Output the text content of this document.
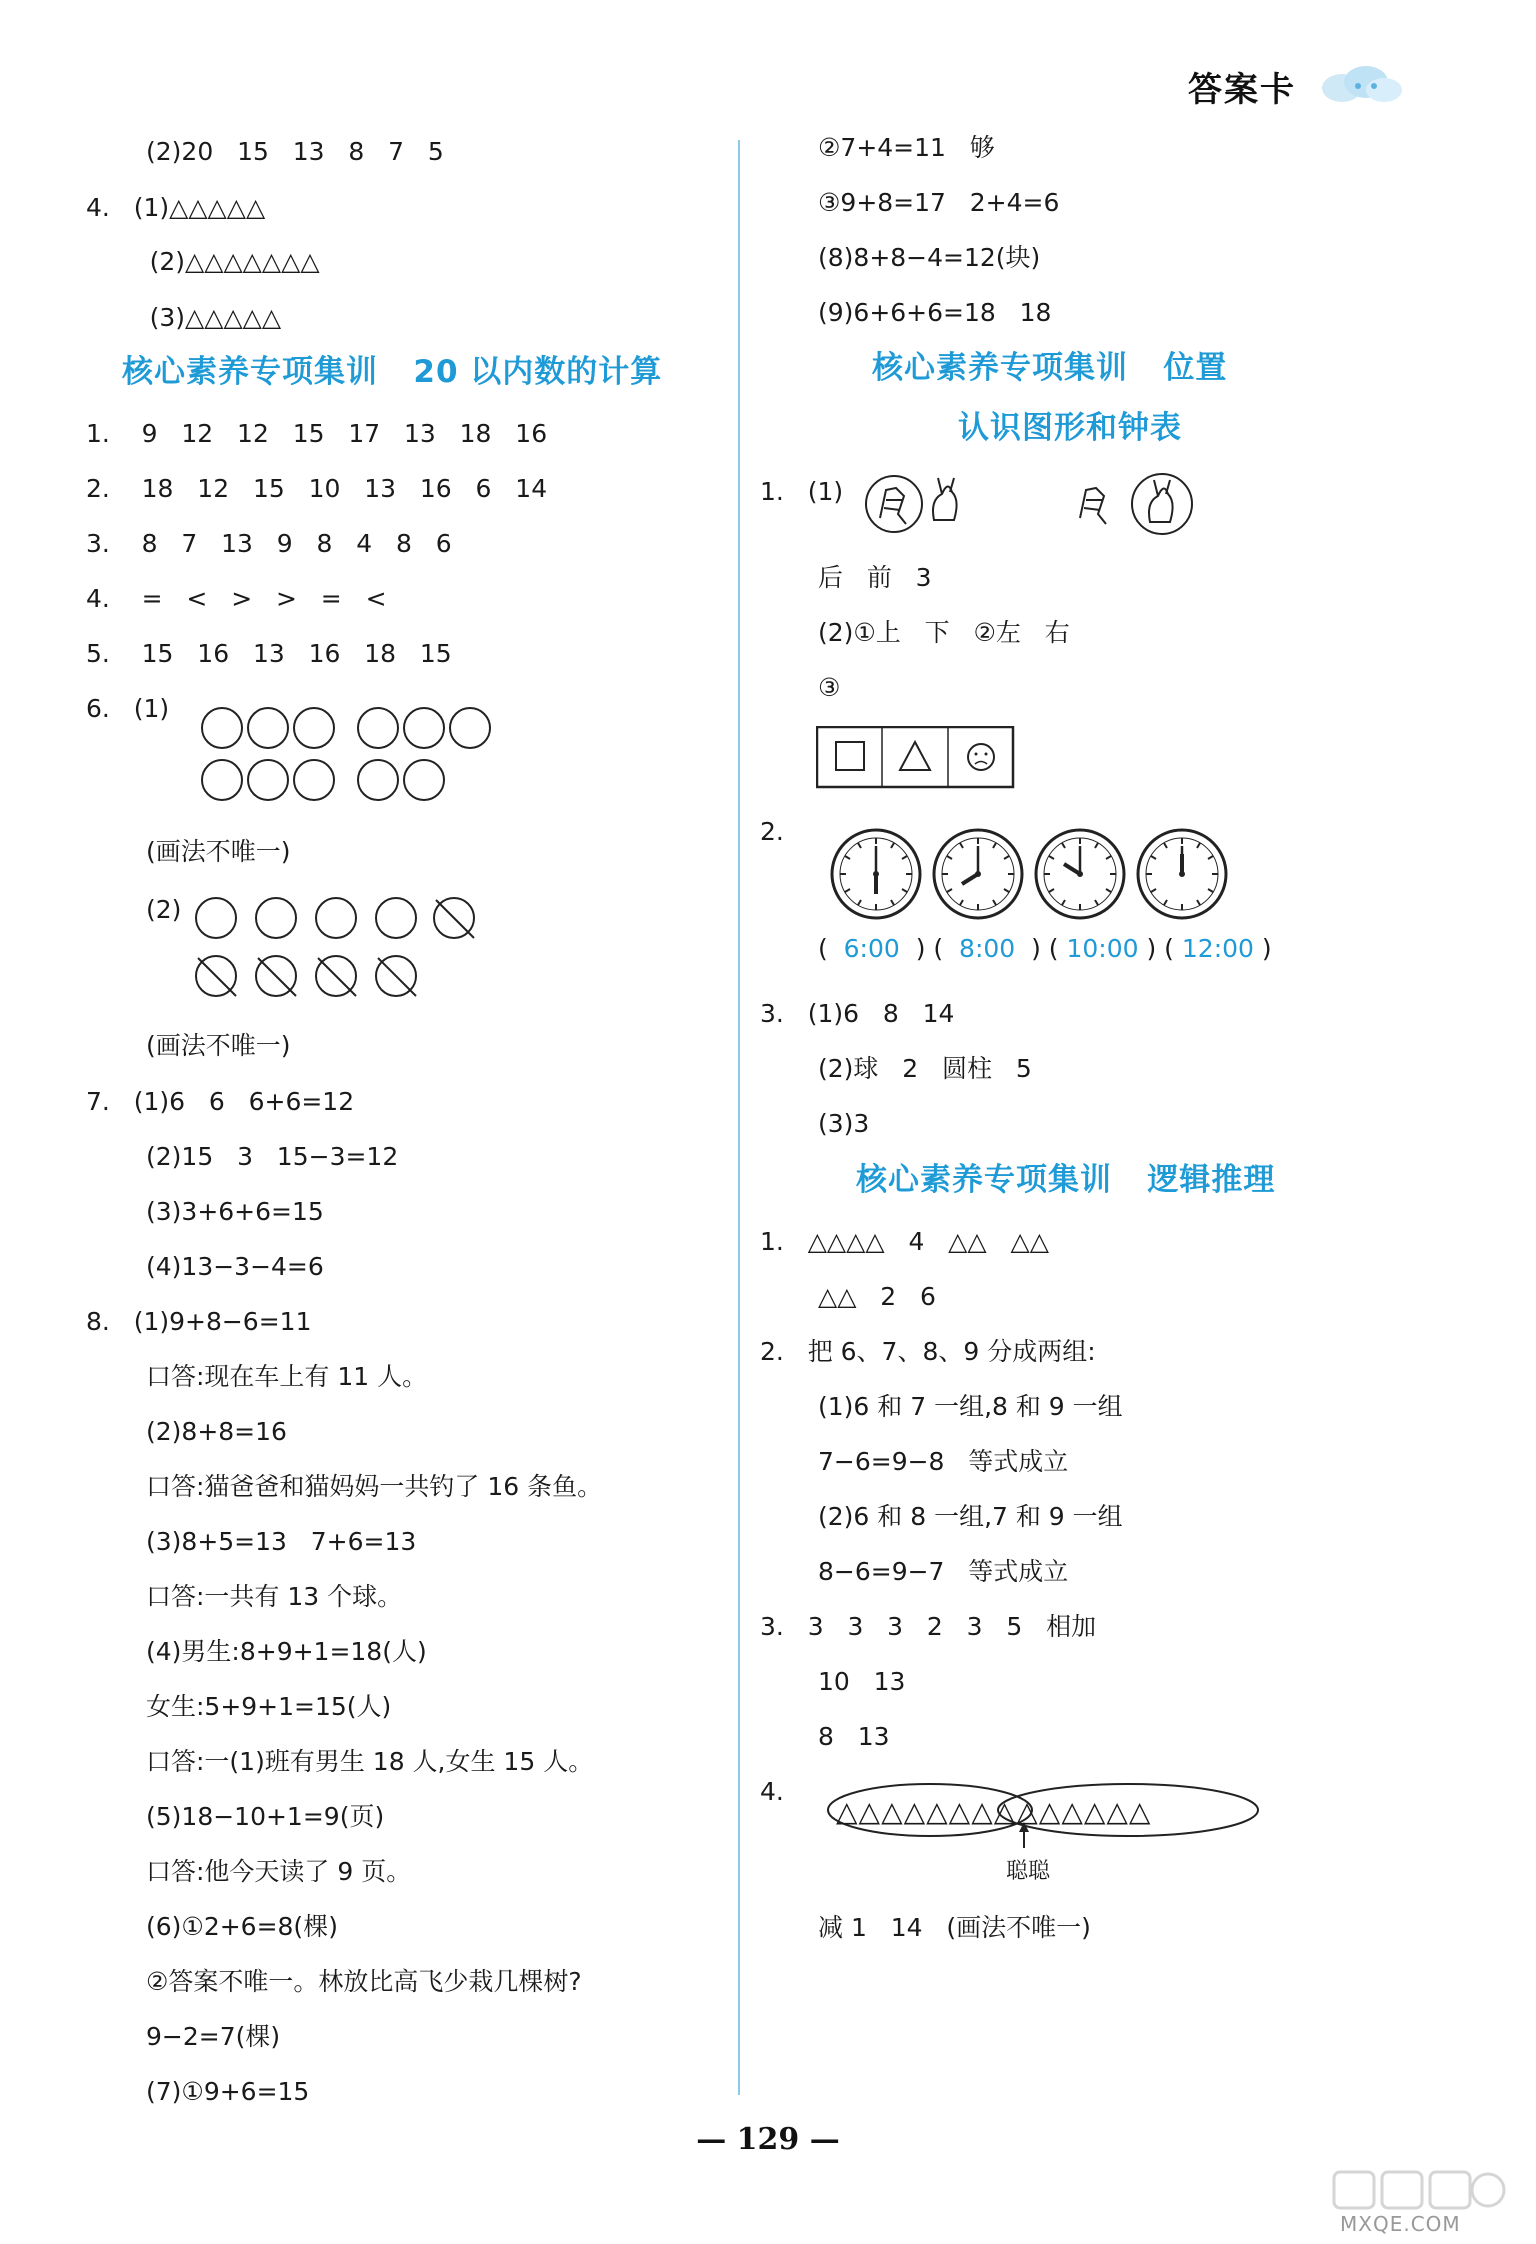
答案卡
(2)20   15   13   8   7   5
4.   (1)△△△△△
(2)△△△△△△△
(3)△△△△△
核心素养专项集训   20 以内数的计算
1.    9   12   12   15   17   13   18   16
2.    18   12   15   10   13   16   6   14
3.    8   7   13   9   8   4   8   6
4.    =   <   >   >   =   <
5.    15   16   13   16   18   15
6.   (1)
(画法不唯一)
(2)
(画法不唯一)
7.   (1)6   6   6+6=12
(2)15   3   15−3=12
(3)3+6+6=15
(4)13−3−4=6
8.   (1)9+8−6=11
口答:现在车上有 11 人。
(2)8+8=16
口答:猫爸爸和猫妈妈一共钓了 16 条鱼。
(3)8+5=13   7+6=13
口答:一共有 13 个球。
(4)男生:8+9+1=18(人)
女生:5+9+1=15(人)
口答:一(1)班有男生 18 人,女生 15 人。
(5)18−10+1=9(页)
口答:他今天读了 9 页。
(6)①2+6=8(棵)
②答案不唯一。林放比高飞少栽几棵树?
9−2=7(棵)
(7)①9+6=15
②7+4=11   够
③9+8=17   2+4=6
(8)8+8−4=12(块)
(9)6+6+6=18   18
核心素养专项集训   位置
认识图形和钟表
1.   (1)
后   前   3
(2)①上   下   ②左   右
③
2.
(  6:00  ) (  8:00  ) ( 10:00 ) ( 12:00 )
3.   (1)6   8   14
(2)球   2   圆柱   5
(3)3
核心素养专项集训   逻辑推理
1.   △△△△   4   △△   △△
△△   2   6
2.   把 6、7、8、9 分成两组:
(1)6 和 7 一组,8 和 9 一组
7−6=9−8   等式成立
(2)6 和 8 一组,7 和 9 一组
8−6=9−7   等式成立
3.   3   3   3   2   3   5   相加
10   13
8   13
4.
△△△△△△△△△△△△△△
聪聪
减 1   14   (画法不唯一)
— 129 —
MXQE.COM
